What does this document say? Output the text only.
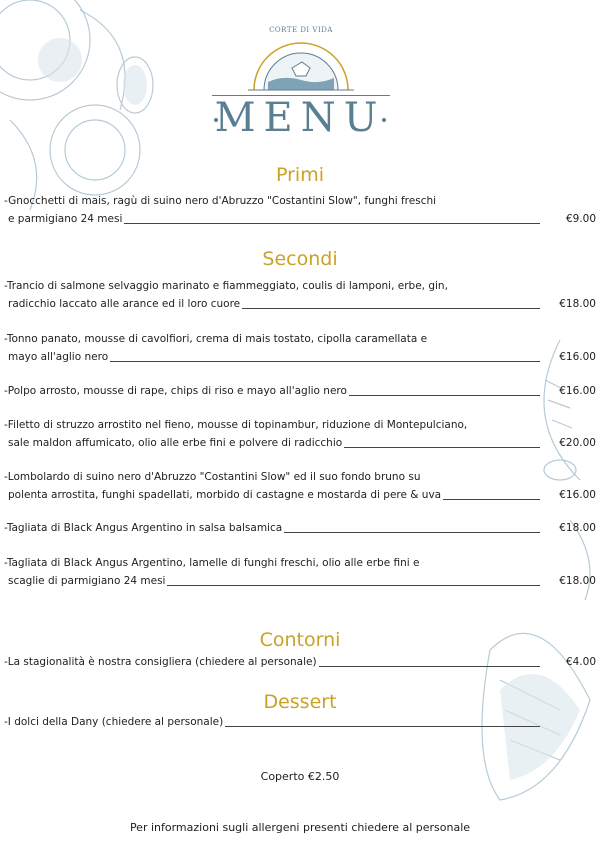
CORTE DI VIDA
MENU
Primi
-Gnocchetti di mais, ragù di suino nero d'Abruzzo "Costantini Slow", funghi freschi
e parmigiano 24 mesi	€9.00
Secondi
-Trancio di salmone selvaggio marinato e fiammeggiato, coulis di lamponi, erbe, gin,
radicchio laccato alle arance ed il loro cuore	€18.00
-Tonno panato, mousse di cavolfiori, crema di mais tostato, cipolla caramellata e
mayo all'aglio nero	€16.00
-Polpo arrosto, mousse di rape, chips di riso e mayo all'aglio nero	€16.00
-Filetto di struzzo arrostito nel fieno, mousse di topinambur, riduzione di Montepulciano,
sale maldon affumicato, olio alle erbe fini e polvere di radicchio	€20.00
-Lombolardo di suino nero d'Abruzzo "Costantini Slow" ed il suo fondo bruno su
polenta arrostita, funghi spadellati, morbido di castagne e mostarda di pere & uva	€16.00
-Tagliata di Black Angus Argentino in salsa balsamica	€18.00
-Tagliata di Black Angus Argentino, lamelle di funghi freschi, olio alle erbe fini e
scaglie di parmigiano 24 mesi	€18.00
Contorni
-La stagionalità è nostra consigliera (chiedere al personale)	€4.00
Dessert
-I dolci della Dany (chiedere al personale)
Coperto €2.50
Per informazioni sugli allergeni presenti chiedere al personale
